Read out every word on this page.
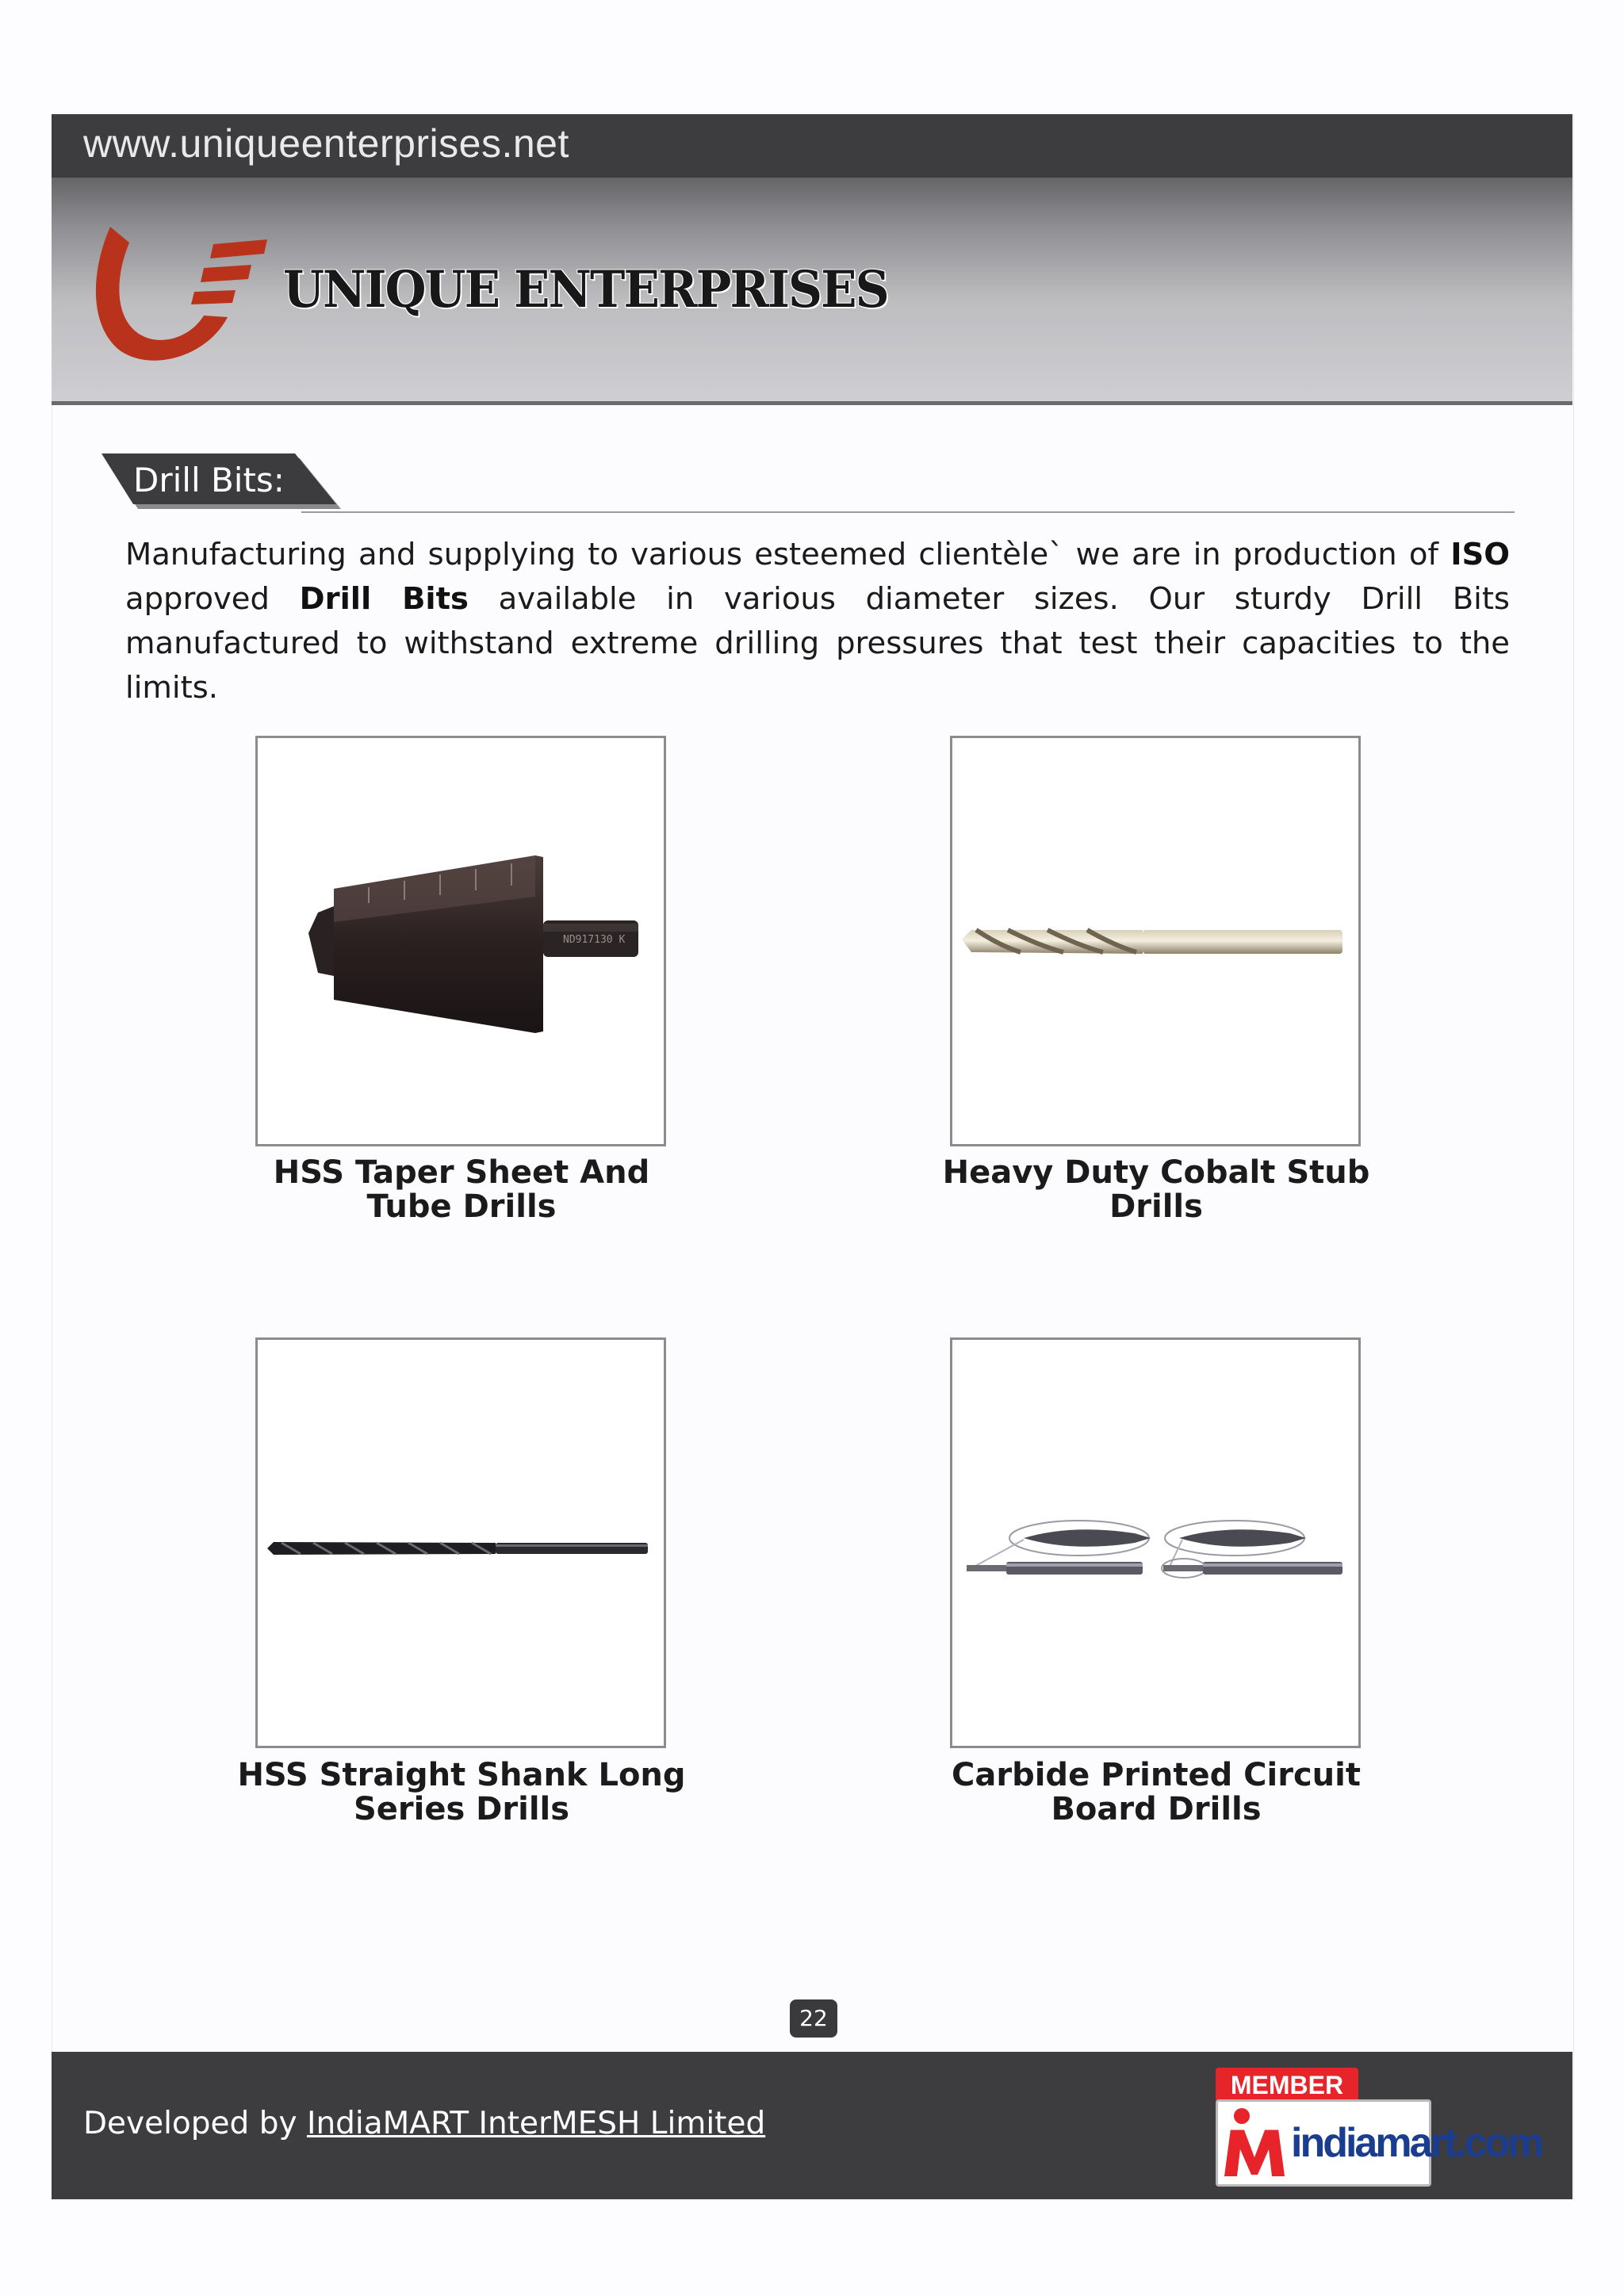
www.uniqueenterprises.net
UNIQUE ENTERPRISES
Drill Bits:
Manufacturing and supplying to various esteemed clientèle` we are in production of ISO approved Drill Bits available in various diameter sizes. Our sturdy Drill Bits manufactured to withstand extreme drilling pressures that test their capacities to the limits.
ND917130 K
HSS Taper Sheet And
Tube Drills
Heavy Duty Cobalt Stub
Drills
HSS Straight Shank Long
Series Drills
Carbide Printed Circuit
Board Drills
22
Developed by IndiaMART InterMESH Limited
MEMBER
indiamart.com
